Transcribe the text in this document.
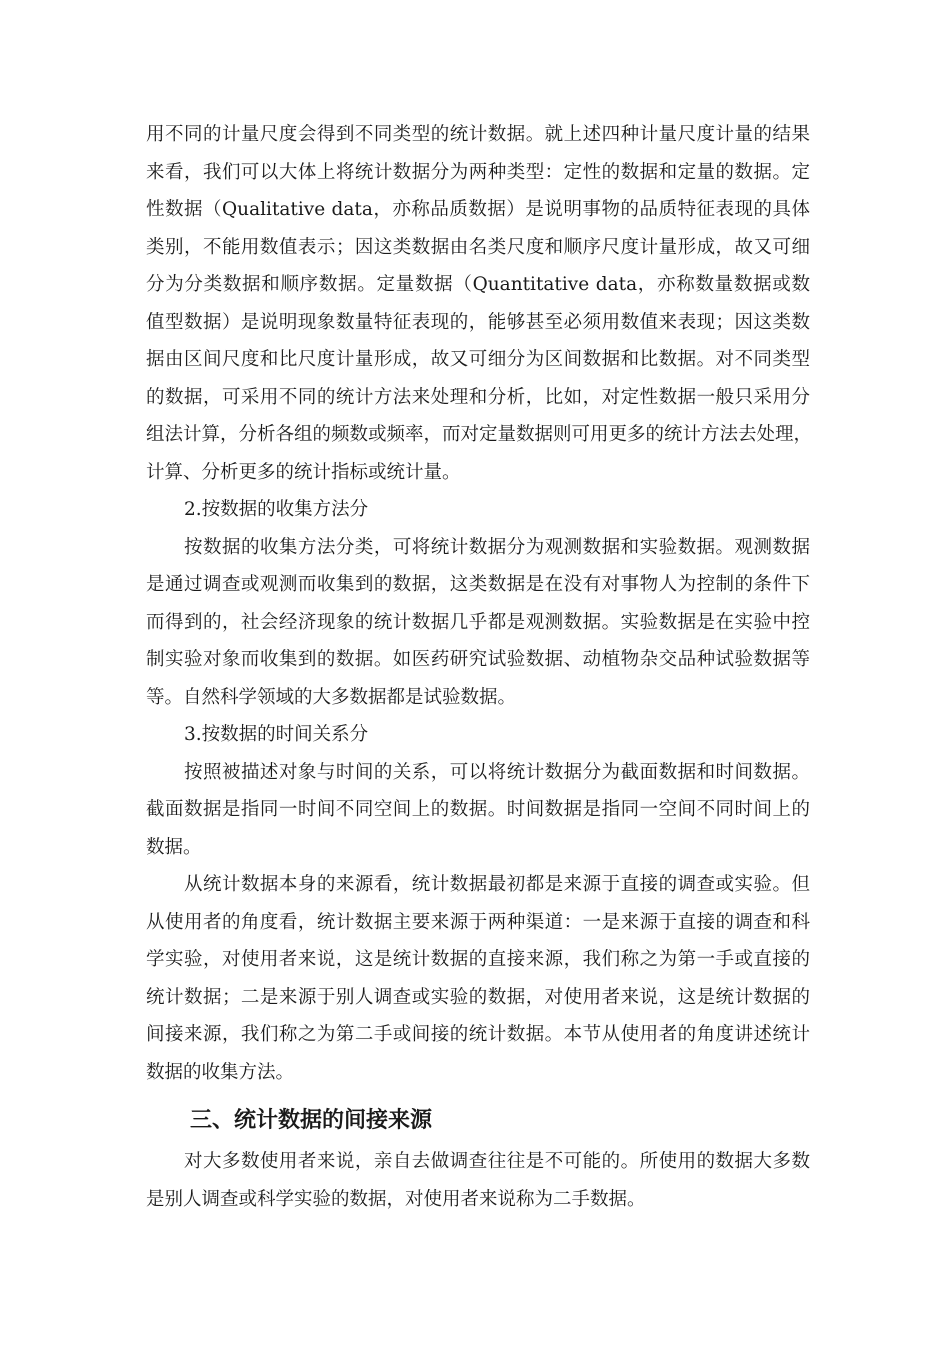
用不同的计量尺度会得到不同类型的统计数据。就上述四种计量尺度计量的结果
来看，我们可以大体上将统计数据分为两种类型：定性的数据和定量的数据。定
性数据（Qualitative data，亦称品质数据）是说明事物的品质特征表现的具体
类别，不能用数值表示；因这类数据由名类尺度和顺序尺度计量形成，故又可细
分为分类数据和顺序数据。定量数据（Quantitative data，亦称数量数据或数
值型数据）是说明现象数量特征表现的，能够甚至必须用数值来表现；因这类数
据由区间尺度和比尺度计量形成，故又可细分为区间数据和比数据。对不同类型
的数据，可采用不同的统计方法来处理和分析，比如，对定性数据一般只采用分
组法计算，分析各组的频数或频率，而对定量数据则可用更多的统计方法去处理，
计算、分析更多的统计指标或统计量。
2.按数据的收集方法分
按数据的收集方法分类，可将统计数据分为观测数据和实验数据。观测数据
是通过调查或观测而收集到的数据，这类数据是在没有对事物人为控制的条件下
而得到的，社会经济现象的统计数据几乎都是观测数据。实验数据是在实验中控
制实验对象而收集到的数据。如医药研究试验数据、动植物杂交品种试验数据等
等。自然科学领域的大多数据都是试验数据。
3.按数据的时间关系分
按照被描述对象与时间的关系，可以将统计数据分为截面数据和时间数据。
截面数据是指同一时间不同空间上的数据。时间数据是指同一空间不同时间上的
数据。
从统计数据本身的来源看，统计数据最初都是来源于直接的调查或实验。但
从使用者的角度看，统计数据主要来源于两种渠道：一是来源于直接的调查和科
学实验，对使用者来说，这是统计数据的直接来源，我们称之为第一手或直接的
统计数据；二是来源于别人调查或实验的数据，对使用者来说，这是统计数据的
间接来源，我们称之为第二手或间接的统计数据。本节从使用者的角度讲述统计
数据的收集方法。
三、统计数据的间接来源
对大多数使用者来说，亲自去做调查往往是不可能的。所使用的数据大多数
是别人调查或科学实验的数据，对使用者来说称为二手数据。
